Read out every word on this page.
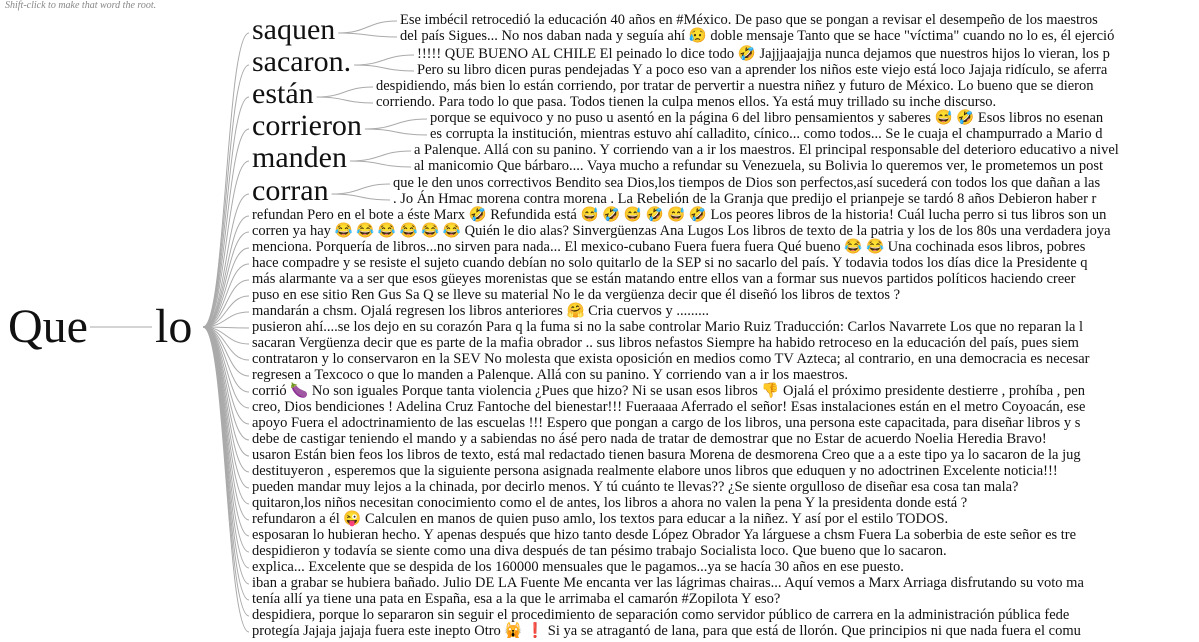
Shift-click to make that word the root.
Que lo
saquen
sacaron.
están
corrieron
manden
corran
Ese imbécil retrocedió la educación 40 años en #México. De paso que se pongan a revisar el desempeño de los maestros
del país Sigues... No nos daban nada y seguía ahí 😥 doble mensaje Tanto que se hace "víctima" cuando no lo es, él ejerció
!!!!! QUE BUENO AL CHILE El peinado lo dice todo 🤣 Jajjjaajajja nunca dejamos que nuestros hijos lo vieran, los p
Pero su libro dicen puras pendejadas Y a poco eso van a aprender los niños este viejo está loco Jajaja ridículo, se aferra
despidiendo, más bien lo están corriendo, por tratar de pervertir a nuestra niñez y futuro de México. Lo bueno que se dieron
corriendo. Para todo lo que pasa. Todos tienen la culpa menos ellos. Ya está muy trillado su inche discurso.
porque se equivoco y no puso u asentó en la página 6 del libro pensamientos y saberes 😅 🤣 Esos libros no esenan
es corrupta la institución, mientras estuvo ahí calladito, cínico... como todos... Se le cuaja el champurrado a Mario d
a Palenque. Allá con su panino. Y corriendo van a ir los maestros. El principal responsable del deterioro educativo a nivel
al manicomio Que bárbaro.... Vaya mucho a refundar su Venezuela, su Bolivia lo queremos ver, le prometemos un post
que le den unos correctivos Bendito sea Dios,los tiempos de Dios son perfectos,así sucederá con todos los que dañan a las
. Jo Án Hmac morena contra morena . La Rebelión de la Granja que predijo el prianpeje se tardó 8 años Debieron haber r
refundan Pero en el bote a éste Marx 🤣 Refundida está 😅 🤣 😅 🤣 😅 🤣 Los peores libros de la historia! Cuál lucha perro si tus libros son un
corren ya hay 😂 😂 😂 😂 😂 😂 Quién le dio alas? Sinvergüenzas Ana Lugos Los libros de texto de la patria y los de los 80s una verdadera joya
menciona. Porquería de libros...no sirven para nada... El mexico-cubano Fuera fuera fuera Qué bueno 😂 😂 Una cochinada esos libros, pobres
hace compadre y se resiste el sujeto cuando debían no solo quitarlo de la SEP si no sacarlo del país. Y todavia todos los días dice la Presidente q
más alarmante va a ser que esos güeyes morenistas que se están matando entre ellos van a formar sus nuevos partidos políticos haciendo creer
puso en ese sitio Ren Gus Sa Q se lleve su material No le da vergüenza decir que él diseñó los libros de textos ?
mandarán a chsm. Ojalá regresen los libros anteriores 🤗 Cria cuervos y .........
pusieron ahí....se los dejo en su corazón Para q la fuma si no la sabe controlar Mario Ruiz Traducción: Carlos Navarrete Los que no reparan la l
sacaran Vergüenza decir que es parte de la mafia obrador .. sus libros nefastos Siempre ha habido retroceso en la educación del país, pues siem
contrataron y lo conservaron en la SEV No molesta que exista oposición en medios como TV Azteca; al contrario, en una democracia es necesar
regresen a Texcoco o que lo manden a Palenque. Allá con su panino. Y corriendo van a ir los maestros.
corrió 🍆 No son iguales Porque tanta violencia ¿Pues que hizo? Ni se usan esos libros 👎 Ojalá el próximo presidente destierre , prohíba , pen
creo, Dios bendiciones ! Adelina Cruz Fantoche del bienestar!!! Fueraaaa Aferrado el señor! Esas instalaciones están en el metro Coyoacán, ese
apoyo Fuera el adoctrinamiento de las escuelas !!! Espero que pongan a cargo de los libros, una persona este capacitada, para diseñar libros y s
debe de castigar teniendo el mando y a sabiendas no ásé pero nada de tratar de demostrar que no Estar de acuerdo Noelia Heredia Bravo!
usaron Están bien feos los libros de texto, está mal redactado tienen basura Morena de desmorena Creo que a a este tipo ya lo sacaron de la jug
destituyeron , esperemos que la siguiente persona asignada realmente elabore unos libros que eduquen y no adoctrinen Excelente noticia!!!
pueden mandar muy lejos a la chinada, por decirlo menos. Y tú cuánto te llevas?? ¿Se siente orgulloso de diseñar esa cosa tan mala?
quitaron,los niños necesitan conocimiento como el de antes, los libros a ahora no valen la pena Y la presidenta donde está ?
refundaron a él 😜 Calculen en manos de quien puso amlo, los textos para educar a la niñez. Y así por el estilo TODOS.
esposaran lo hubieran hecho. Y apenas después que hizo tanto desde López Obrador Ya lárguese a chsm Fuera La soberbia de este señor es tre
despidieron y todavía se siente como una diva después de tan pésimo trabajo Socialista loco. Que bueno que lo sacaron.
explica... Excelente que se despida de los 160000 mensuales que le pagamos...ya se hacía 30 años en ese puesto.
iban a grabar se hubiera bañado. Julio DE LA Fuente Me encanta ver las lágrimas chairas... Aquí vemos a Marx Arriaga disfrutando su voto ma
tenía allí ya tiene una pata en España, esa a la que le arrimaba el camarón #Zopilota Y eso?
despidiera, porque lo separaron sin seguir el procedimiento de separación como servidor público de carrera en la administración pública fede
protegía Jajaja jajaja fuera este inepto Otro 🙀 ❗ Si ya se atragantó de lana, para que está de llorón. Que principios ni que nada fuera el comu
